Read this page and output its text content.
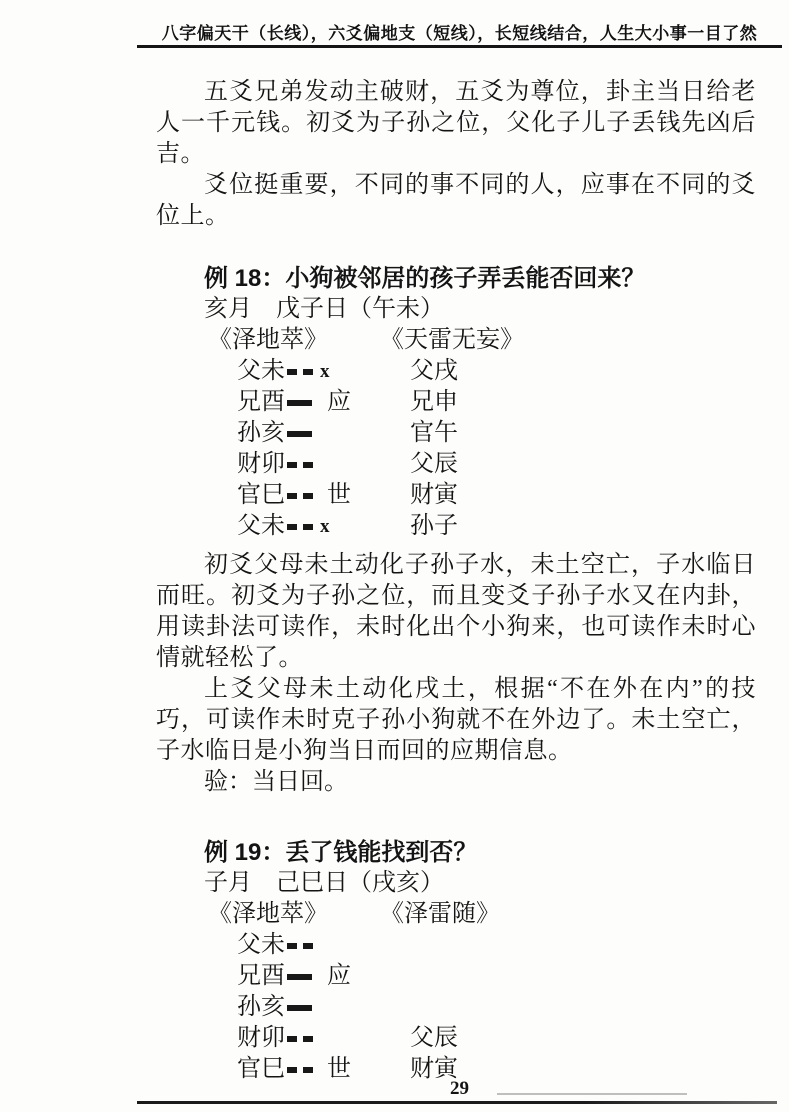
八字偏天干（长线），六爻偏地支（短线），长短线结合，人生大小事一目了然

五爻兄弟发动主破财，五爻为尊位，卦主当日给老人一千元钱。初爻为子孙之位，父化子儿子丢钱先凶后吉。

爻位挺重要，不同的事不同的人，应事在不同的爻位上。

例 18：小狗被邻居的孩子弄丢能否回来？
亥月　戊子日（午未）
《泽地萃》 《天雷无妄》
父未 x	父戌
兄酉 应 兄申
孙亥	官午
财卯	父辰
官巳 世 财寅
父未 x	孙子

初爻父母未土动化子孙子水，未土空亡，子水临日而旺。初爻为子孙之位，而且变爻子孙子水又在内卦，用读卦法可读作，未时化出个小狗来，也可读作未时心情就轻松了。

上爻父母未土动化戌土，根据“不在外在内”的技巧，可读作未时克子孙小狗就不在外边了。未土空亡，子水临日是小狗当日而回的应期信息。

验：当日回。

例 19：丢了钱能找到否？
子月　己巳日（戌亥）
《泽地萃》 《泽雷随》
父未
兄酉 应
孙亥
财卯	父辰
官巳 世 财寅
29
